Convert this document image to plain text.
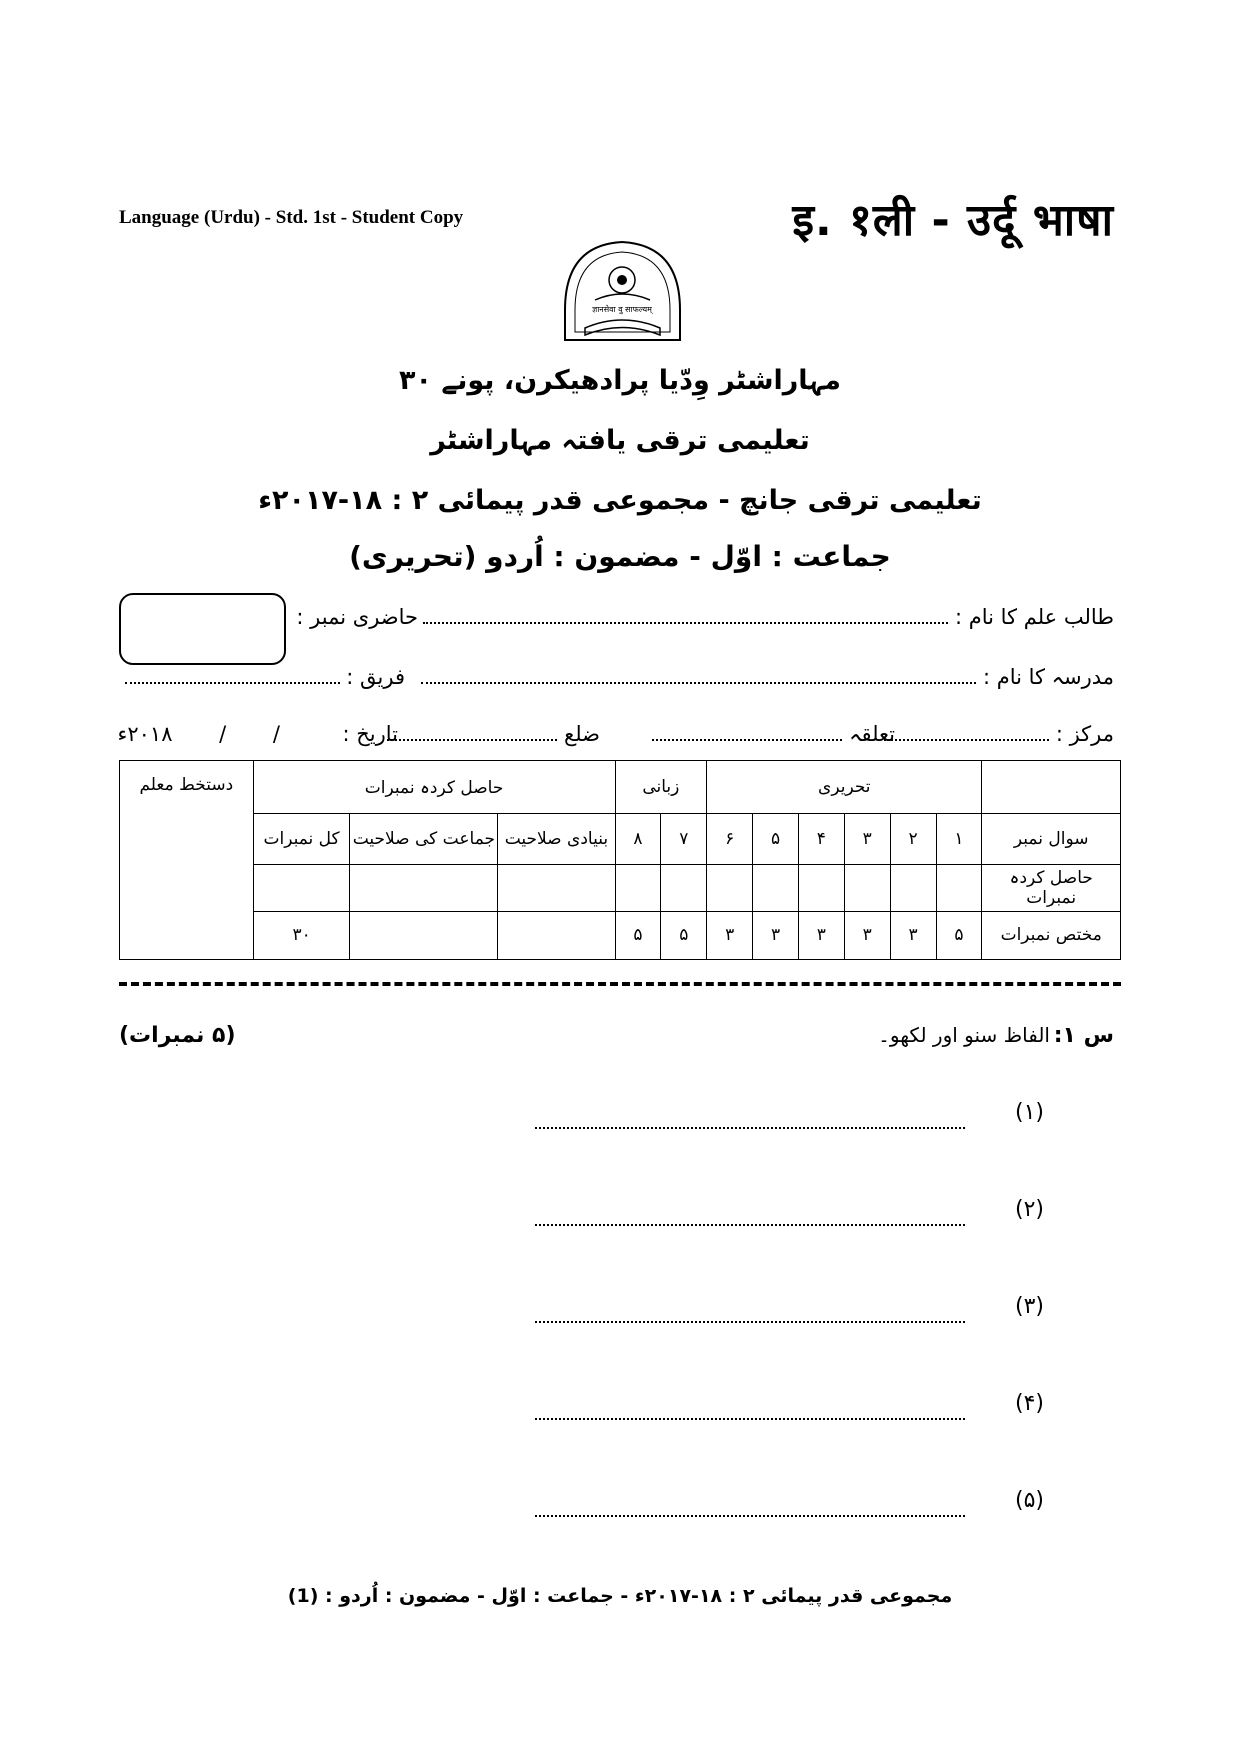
Language (Urdu) - Std. 1st - Student Copy	इ. १ली - उर्दू भाषा
ज्ञानसेवा वु साफल्यम्
مہاراشٹر وِدّیا پرادھیکرن، پونے ۳۰
تعلیمی ترقی یافتہ مہاراشٹر
تعلیمی ترقی جانچ - مجموعی قدر پیمائی ۲ : ۱۸-۲۰۱۷ء
جماعت : اوّل - مضمون : اُردو (تحریری)
طالب علم کا نام :
حاضری نمبر :
مدرسہ کا نام :
فریق :
مرکز :
تعلقہ
ضلع
تاریخ :
/ / ۲۰۱۸ء
	تحریری						زبانی		حاصل کردہ نمبرات			دستخط معلم
سوال نمبر	۱	۲	۳	۴	۵	۶	۷	۸	بنیادی صلاحیت	جماعت کی صلاحیت	کل نمبرات	
حاصل کردہ نمبرات												
مختص نمبرات	۵	۳	۳	۳	۳	۳	۵	۵			۳۰	
س ۱:
الفاظ سنو اور لکھو۔
(۵ نمبرات)
(۱)
(۲)
(۳)
(۴)
(۵)
مجموعی قدر پیمائی ۲ : ۱۸-۲۰۱۷ء - جماعت : اوّل - مضمون : اُردو : (1)
